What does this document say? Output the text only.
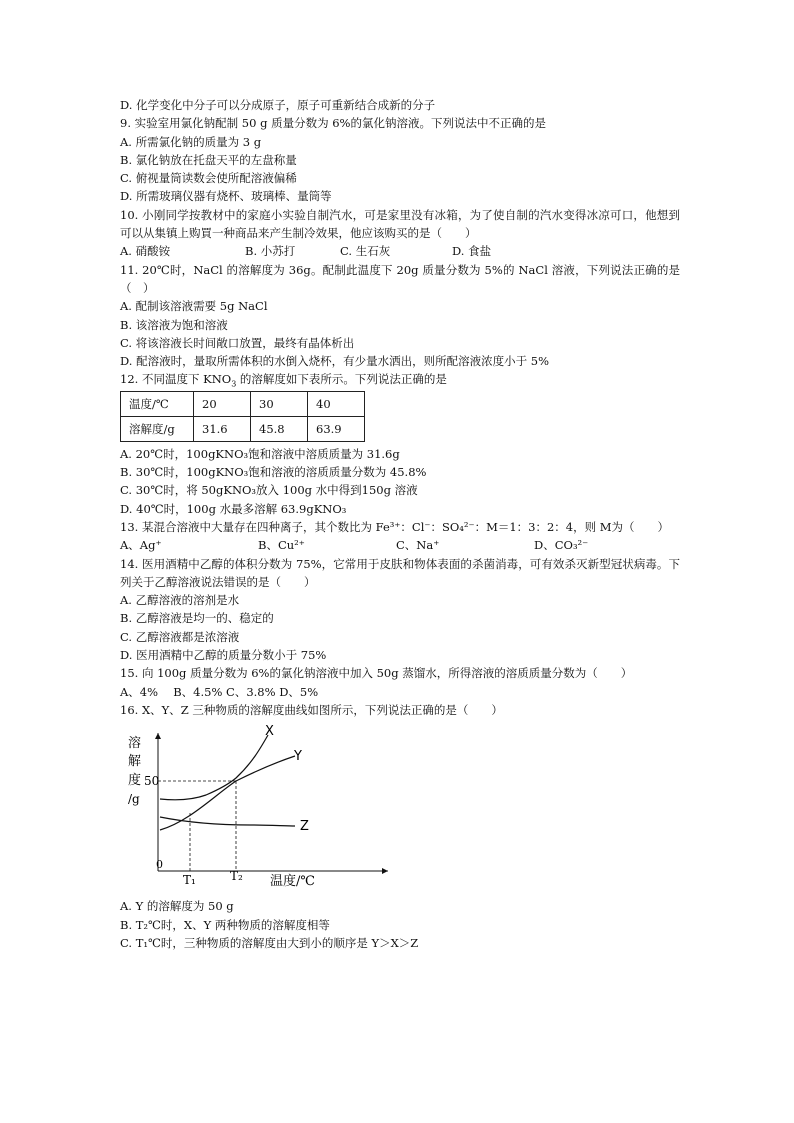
D. 化学变化中分子可以分成原子，原子可重新结合成新的分子
9. 实验室用氯化钠配制 50 g 质量分数为 6%的氯化钠溶液。下列说法中不正确的是
A. 所需氯化钠的质量为 3 g
B. 氯化钠放在托盘天平的左盘称量
C. 俯视量筒读数会使所配溶液偏稀
D. 所需玻璃仪器有烧杯、玻璃棒、量筒等
10. 小刚同学按教材中的家庭小实验自制汽水，可是家里没有冰箱，为了使自制的汽水变得冰凉可口，他想到可以从集镇上购買一种商品来产生制冷效果，他应该购买的是（　　）
A. 硝酸铵	B. 小苏打	C. 生石灰	D. 食盐
11. 20℃时，NaCl 的溶解度为 36g。配制此温度下 20g 质量分数为 5%的 NaCl 溶液，下列说法正确的是（　）
A. 配制该溶液需要 5g NaCl
B. 该溶液为饱和溶液
C. 将该溶液长时间敞口放置，最终有晶体析出
D. 配溶液时，量取所需体积的水倒入烧杯，有少量水洒出，则所配溶液浓度小于 5%
12. 不同温度下 $KNO_3$ 的溶解度如下表所示。下列说法正确的是
温度/℃	20	30	40
溶解度/g	31.6	45.8	63.9
A. 20℃时，100gKNO₃饱和溶液中溶质质量为 31.6g
B. 30℃时，100gKNO₃饱和溶液的溶质质量分数为 45.8%
C. 30℃时，将 50gKNO₃放入 100g 水中得到150g 溶液
D. 40℃时，100g 水最多溶解 63.9gKNO₃
13. 某混合溶液中大量存在四种离子，其个数比为 Fe³⁺：Cl⁻：SO₄²⁻：M＝1：3：2：4，则 M为（　　）
A、Ag⁺	B、Cu²⁺	C、Na⁺	D、CO₃²⁻
14. 医用酒精中乙醇的体积分数为 75%，它常用于皮肤和物体表面的杀菌消毒，可有效杀灭新型冠状病毒。下列关于乙醇溶液说法错误的是（　　）
A. 乙醇溶液的溶剂是水
B. 乙醇溶液是均一的、稳定的
C. 乙醇溶液都是浓溶液
D. 医用酒精中乙醇的质量分数小于 75%
15. 向 100g 质量分数为 6%的氯化钠溶液中加入 50g 蒸馏水，所得溶液的溶质质量分数为（　　）
A、4%　 B、4.5% C、3.8% D、5%
16. X、Y、Z 三种物质的溶解度曲线如图所示，下列说法正确的是（　　）
溶
解
度 50
/g
0
T₁	T₂ 温度/℃
X
Y
Z
A. Y 的溶解度为 50 g
B. T₂℃时，X、Y 两种物质的溶解度相等
C. T₁℃时，三种物质的溶解度由大到小的顺序是 Y＞X＞Z
